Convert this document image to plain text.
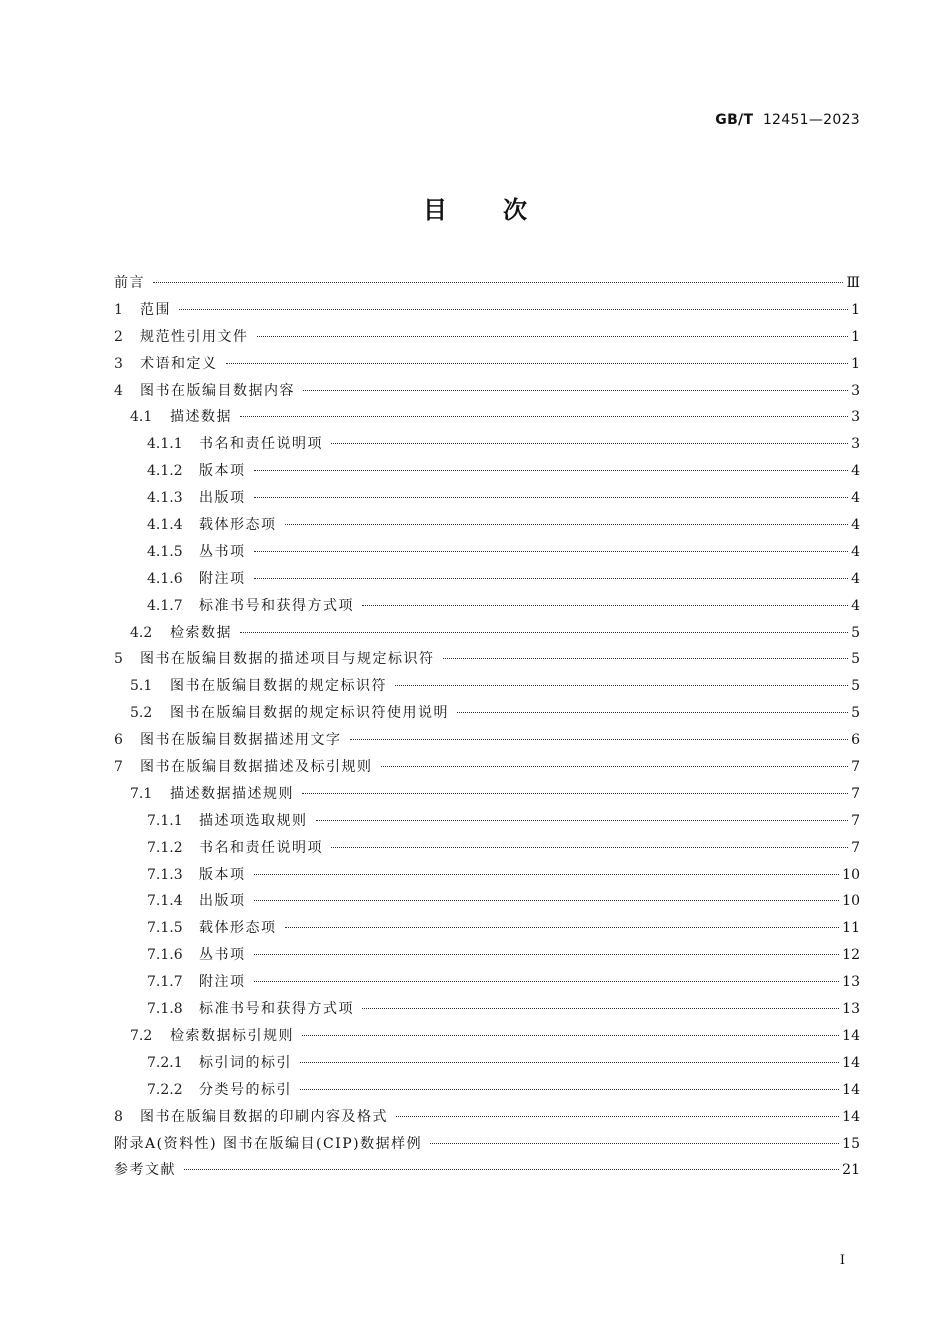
GB/T 12451—2023
目次
前言	Ⅲ
1	范围	1
2	规范性引用文件	1
3	术语和定义	1
4	图书在版编目数据内容	3
4.1	描述数据	3
4.1.1	书名和责任说明项	3
4.1.2	版本项	4
4.1.3	出版项	4
4.1.4	载体形态项	4
4.1.5	丛书项	4
4.1.6	附注项	4
4.1.7	标准书号和获得方式项	4
4.2	检索数据	5
5	图书在版编目数据的描述项目与规定标识符	5
5.1	图书在版编目数据的规定标识符	5
5.2	图书在版编目数据的规定标识符使用说明	5
6	图书在版编目数据描述用文字	6
7	图书在版编目数据描述及标引规则	7
7.1	描述数据描述规则	7
7.1.1	描述项选取规则	7
7.1.2	书名和责任说明项	7
7.1.3	版本项	10
7.1.4	出版项	10
7.1.5	载体形态项	11
7.1.6	丛书项	12
7.1.7	附注项	13
7.1.8	标准书号和获得方式项	13
7.2	检索数据标引规则	14
7.2.1	标引词的标引	14
7.2.2	分类号的标引	14
8	图书在版编目数据的印刷内容及格式	14
附录A(资料性) 图书在版编目(CIP)数据样例	15
参考文献	21
I
